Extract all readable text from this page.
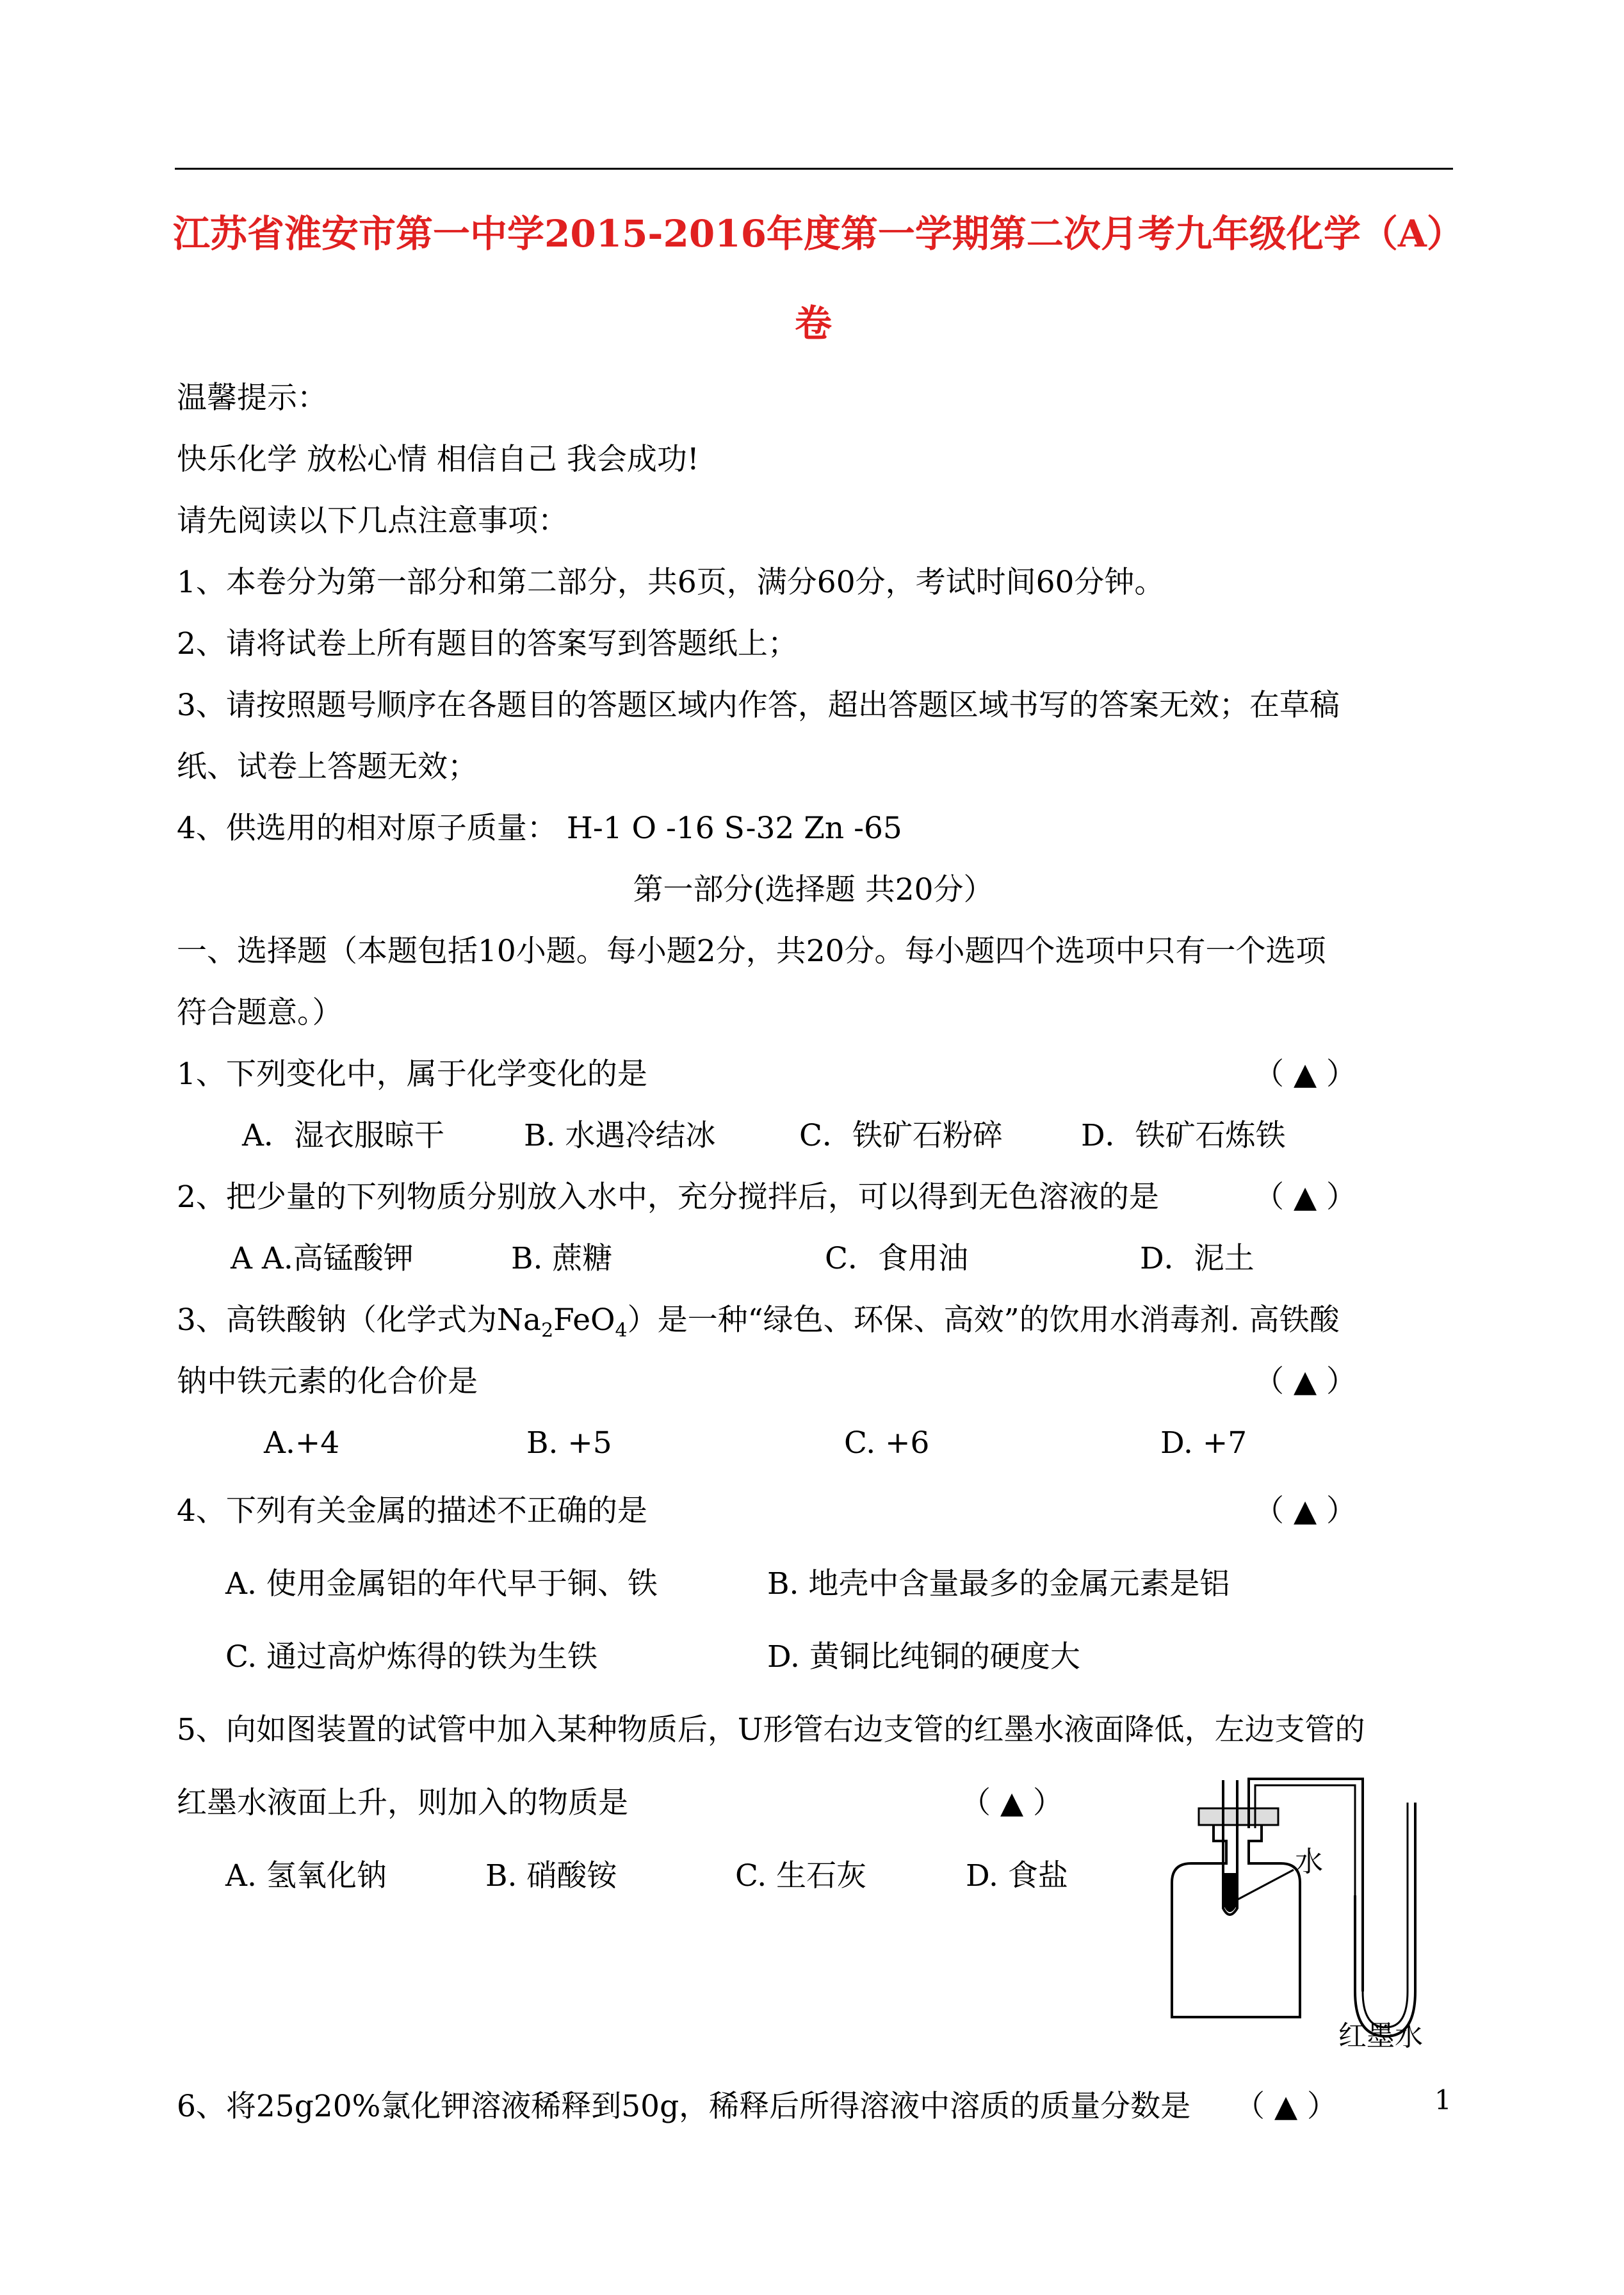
江苏省淮安市第一中学2015-2016年度第一学期第二次月考九年级化学（A）
卷
温馨提示：
快乐化学 放松心情 相信自己 我会成功!
请先阅读以下几点注意事项：
1、本卷分为第一部分和第二部分，共6页，满分60分，考试时间60分钟。
2、请将试卷上所有题目的答案写到答题纸上；
3、请按照题号顺序在各题目的答题区域内作答，超出答题区域书写的答案无效；在草稿
纸、试卷上答题无效；
4、供选用的相对原子质量： H-1 O -16 S-32 Zn -65
第一部分(选择题 共20分）
一、选择题（本题包括10小题。每小题2分，共20分。每小题四个选项中只有一个选项
符合题意。）
1、下列变化中，属于化学变化的是	（ ▲ ）
A．湿衣服晾干	B. 水遇冷结冰	C．铁矿石粉碎	D．铁矿石炼铁
2、把少量的下列物质分别放入水中，充分搅拌后，可以得到无色溶液的是	（ ▲ ）
A A.高锰酸钾	B. 蔗糖	C．食用油	D．泥土
3、高铁酸钠（化学式为$Na_2FeO_4$）是一种“绿色、环保、高效”的饮用水消毒剂. 高铁酸
钠中铁元素的化合价是	（ ▲ ）
A.+4	B. +5	C. +6	D. +7
4、下列有关金属的描述不正确的是	（ ▲ ）
A. 使用金属铝的年代早于铜、铁	B. 地壳中含量最多的金属元素是铝
C. 通过高炉炼得的铁为生铁	D. 黄铜比纯铜的硬度大
5、向如图装置的试管中加入某种物质后，U形管右边支管的红墨水液面降低，左边支管的
红墨水液面上升，则加入的物质是	（ ▲ ）
A. 氢氧化钠	B. 硝酸铵	C. 生石灰	D. 食盐	水
红墨水
6、将25g20%氯化钾溶液稀释到50g，稀释后所得溶液中溶质的质量分数是 （ ▲ ）	1
